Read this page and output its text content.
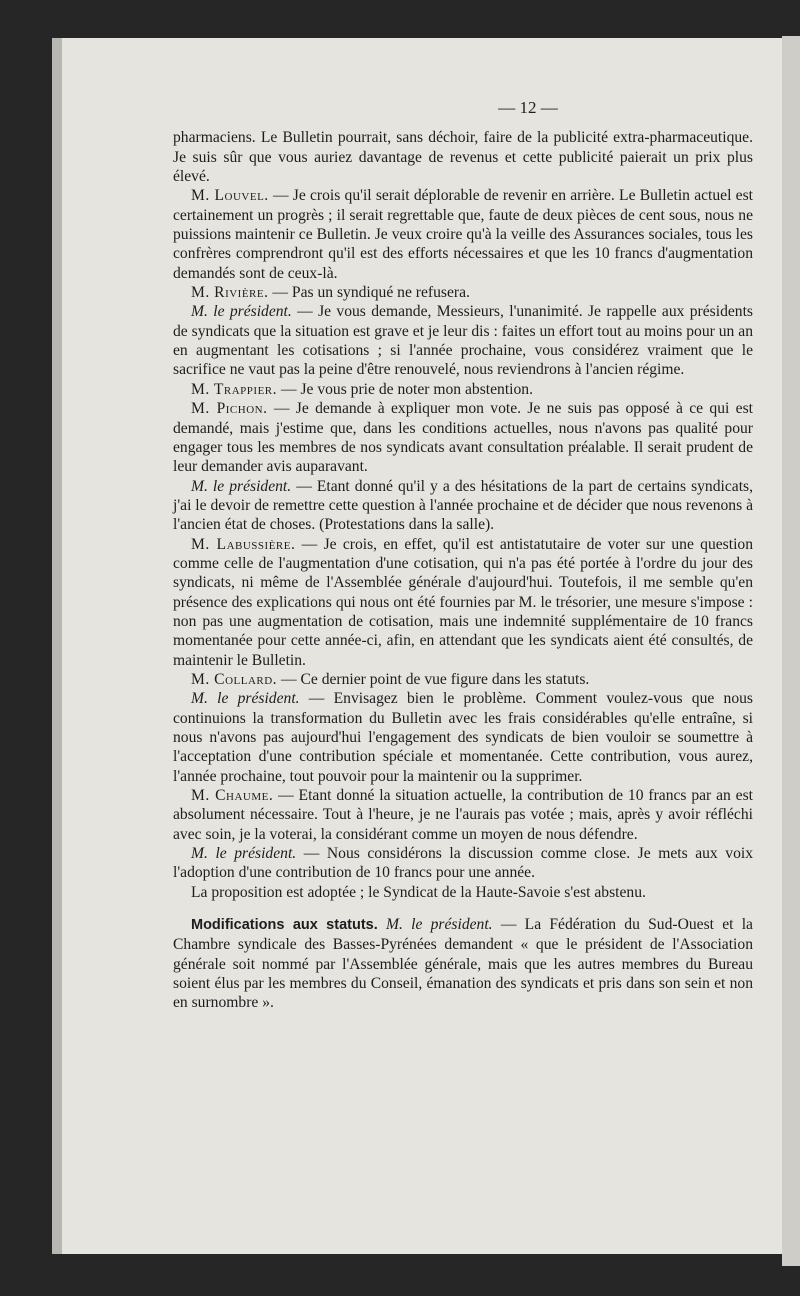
— 12 —

pharmaciens. Le Bulletin pourrait, sans déchoir, faire de la publicité extra-pharmaceutique. Je suis sûr que vous auriez davantage de revenus et cette publicité paierait un prix plus élevé.

M. Louvel. — Je crois qu'il serait déplorable de revenir en arrière. Le Bulletin actuel est certainement un progrès ; il serait regrettable que, faute de deux pièces de cent sous, nous ne puissions maintenir ce Bulletin. Je veux croire qu'à la veille des Assurances sociales, tous les confrères comprendront qu'il est des efforts nécessaires et que les 10 francs d'augmentation demandés sont de ceux-là.

M. Rivière. — Pas un syndiqué ne refusera.

M. le président. — Je vous demande, Messieurs, l'unanimité. Je rappelle aux présidents de syndicats que la situation est grave et je leur dis : faites un effort tout au moins pour un an en augmentant les cotisations ; si l'année prochaine, vous considérez vraiment que le sacrifice ne vaut pas la peine d'être renouvelé, nous reviendrons à l'ancien régime.

M. Trappier. — Je vous prie de noter mon abstention.

M. Pichon. — Je demande à expliquer mon vote. Je ne suis pas opposé à ce qui est demandé, mais j'estime que, dans les conditions actuelles, nous n'avons pas qualité pour engager tous les membres de nos syndicats avant consultation préalable. Il serait prudent de leur demander avis auparavant.

M. le président. — Etant donné qu'il y a des hésitations de la part de certains syndicats, j'ai le devoir de remettre cette question à l'année prochaine et de décider que nous revenons à l'ancien état de choses. (Protestations dans la salle).

M. Labussière. — Je crois, en effet, qu'il est antistatutaire de voter sur une question comme celle de l'augmentation d'une cotisation, qui n'a pas été portée à l'ordre du jour des syndicats, ni même de l'Assemblée générale d'aujourd'hui. Toutefois, il me semble qu'en présence des explications qui nous ont été fournies par M. le trésorier, une mesure s'impose : non pas une augmentation de cotisation, mais une indemnité supplémentaire de 10 francs momentanée pour cette année-ci, afin, en attendant que les syndicats aient été consultés, de maintenir le Bulletin.

M. Collard. — Ce dernier point de vue figure dans les statuts.

M. le président. — Envisagez bien le problème. Comment voulez-vous que nous continuions la transformation du Bulletin avec les frais considérables qu'elle entraîne, si nous n'avons pas aujourd'hui l'engagement des syndicats de bien vouloir se soumettre à l'acceptation d'une contribution spéciale et momentanée. Cette contribution, vous aurez, l'année prochaine, tout pouvoir pour la maintenir ou la supprimer.

M. Chaume. — Etant donné la situation actuelle, la contribution de 10 francs par an est absolument nécessaire. Tout à l'heure, je ne l'aurais pas votée ; mais, après y avoir réfléchi avec soin, je la voterai, la considérant comme un moyen de nous défendre.

M. le président. — Nous considérons la discussion comme close. Je mets aux voix l'adoption d'une contribution de 10 francs pour une année.

La proposition est adoptée ; le Syndicat de la Haute-Savoie s'est abstenu.

Modifications aux statuts. M. le président. — La Fédération du Sud-Ouest et la Chambre syndicale des Basses-Pyrénées demandent « que le président de l'Association générale soit nommé par l'Assemblée générale, mais que les autres membres du Bureau soient élus par les membres du Conseil, émanation des syndicats et pris dans son sein et non en surnombre ».
